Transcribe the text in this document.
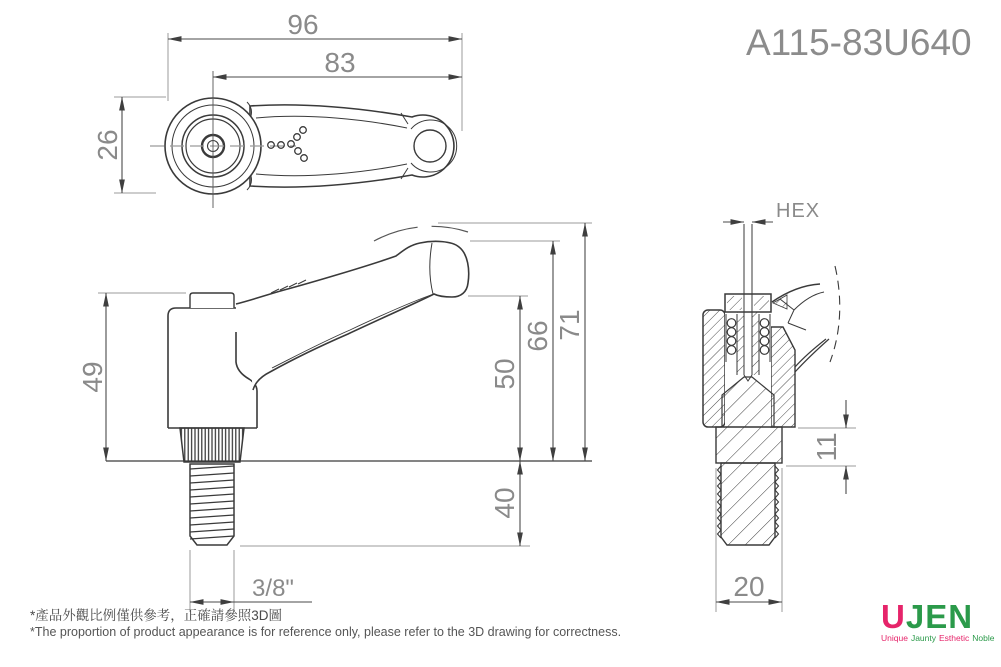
96
83
26
49	50
66 71
40
3/8"
HEX
11
20
A115-83U640
*產品外觀比例僅供參考，正確請參照3D圖
*The proportion of product appearance is for reference only, please refer to the 3D drawing for correctness.	UJEN
Unique Jaunty Esthetic Noble
